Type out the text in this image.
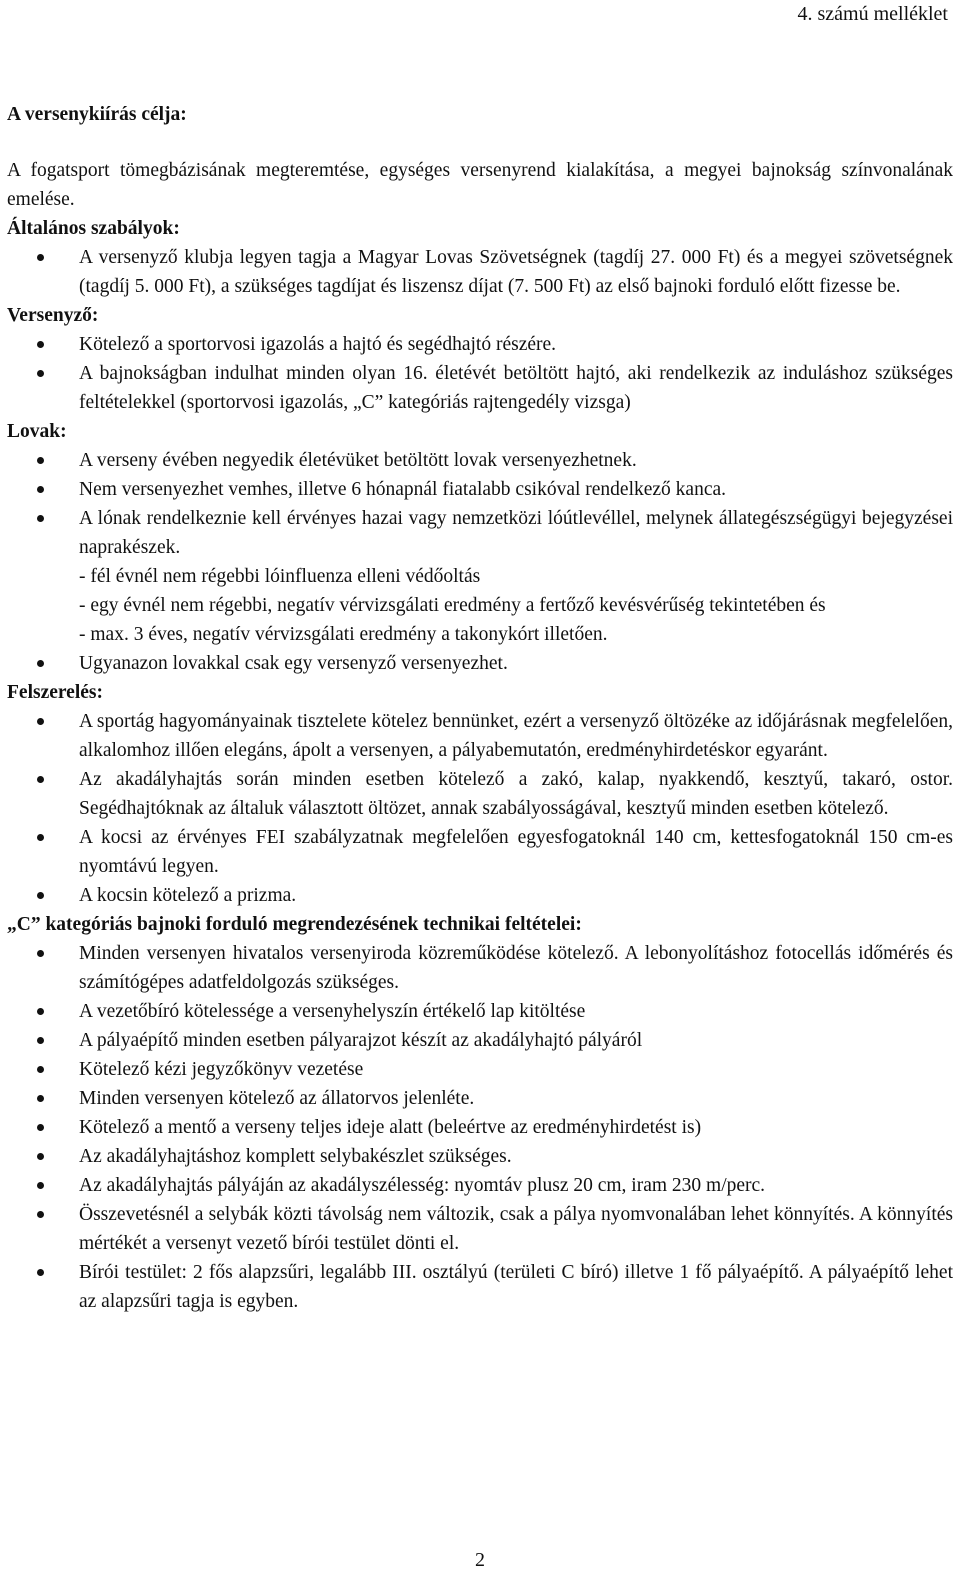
4. számú melléklet

A versenykiírás célja:

A fogatsport tömegbázisának megteremtése, egységes versenyrend kialakítása, a megyei bajnokság színvonalának emelése.

Általános szabályok:

A versenyző klubja legyen tagja a Magyar Lovas Szövetségnek (tagdíj 27. 000 Ft) és a megyei szövetségnek (tagdíj 5. 000 Ft), a szükséges tagdíjat és liszensz díjat (7. 500 Ft) az első bajnoki forduló előtt fizesse be.

Versenyző:

Kötelező a sportorvosi igazolás a hajtó és segédhajtó részére.
A bajnokságban indulhat minden olyan 16. életévét betöltött hajtó, aki rendelkezik az induláshoz szükséges feltételekkel (sportorvosi igazolás, „C” kategóriás rajtengedély vizsga)

Lovak:

A verseny évében negyedik életévüket betöltött lovak versenyezhetnek.
Nem versenyezhet vemhes, illetve 6 hónapnál fiatalabb csikóval rendelkező kanca.
A lónak rendelkeznie kell érvényes hazai vagy nemzetközi lóútlevéllel, melynek állategészségügyi bejegyzései naprakészek.

- fél évnél nem régebbi lóinfluenza elleni védőoltás

- egy évnél nem régebbi, negatív vérvizsgálati eredmény a fertőző kevésvérűség tekintetében és

- max. 3 éves, negatív vérvizsgálati eredmény a takonykórt illetően.

Ugyanazon lovakkal csak egy versenyző versenyezhet.

Felszerelés:

A sportág hagyományainak tisztelete kötelez bennünket, ezért a versenyző öltözéke az időjárásnak megfelelően, alkalomhoz illően elegáns, ápolt a versenyen, a pályabemutatón, eredményhirdetéskor egyaránt.
Az akadályhajtás során minden esetben kötelező a zakó, kalap, nyakkendő, kesztyű, takaró, ostor. Segédhajtóknak az általuk választott öltözet, annak szabályosságával, kesztyű minden esetben kötelező.
A kocsi az érvényes FEI szabályzatnak megfelelően egyesfogatoknál 140 cm, kettesfogatoknál 150 cm-es nyomtávú legyen.
A kocsin kötelező a prizma.

„C” kategóriás bajnoki forduló megrendezésének technikai feltételei:

Minden versenyen hivatalos versenyiroda közreműködése kötelező. A lebonyolításhoz fotocellás időmérés és számítógépes adatfeldolgozás szükséges.
A vezetőbíró kötelessége a versenyhelyszín értékelő lap kitöltése
A pályaépítő minden esetben pályarajzot készít az akadályhajtó pályáról
Kötelező kézi jegyzőkönyv vezetése
Minden versenyen kötelező az állatorvos jelenléte.
Kötelező a mentő a verseny teljes ideje alatt (beleértve az eredményhirdetést is)
Az akadályhajtáshoz komplett selybakészlet szükséges.
Az akadályhajtás pályáján az akadályszélesség: nyomtáv plusz 20 cm, iram 230 m/perc.
Összevetésnél a selybák közti távolság nem változik, csak a pálya nyomvonalában lehet könnyítés. A könnyítés mértékét a versenyt vezető bírói testület dönti el.
Bírói testület: 2 fős alapzsűri, legalább III. osztályú (területi C bíró) illetve 1 fő pályaépítő. A pályaépítő lehet az alapzsűri tagja is egyben.
2
